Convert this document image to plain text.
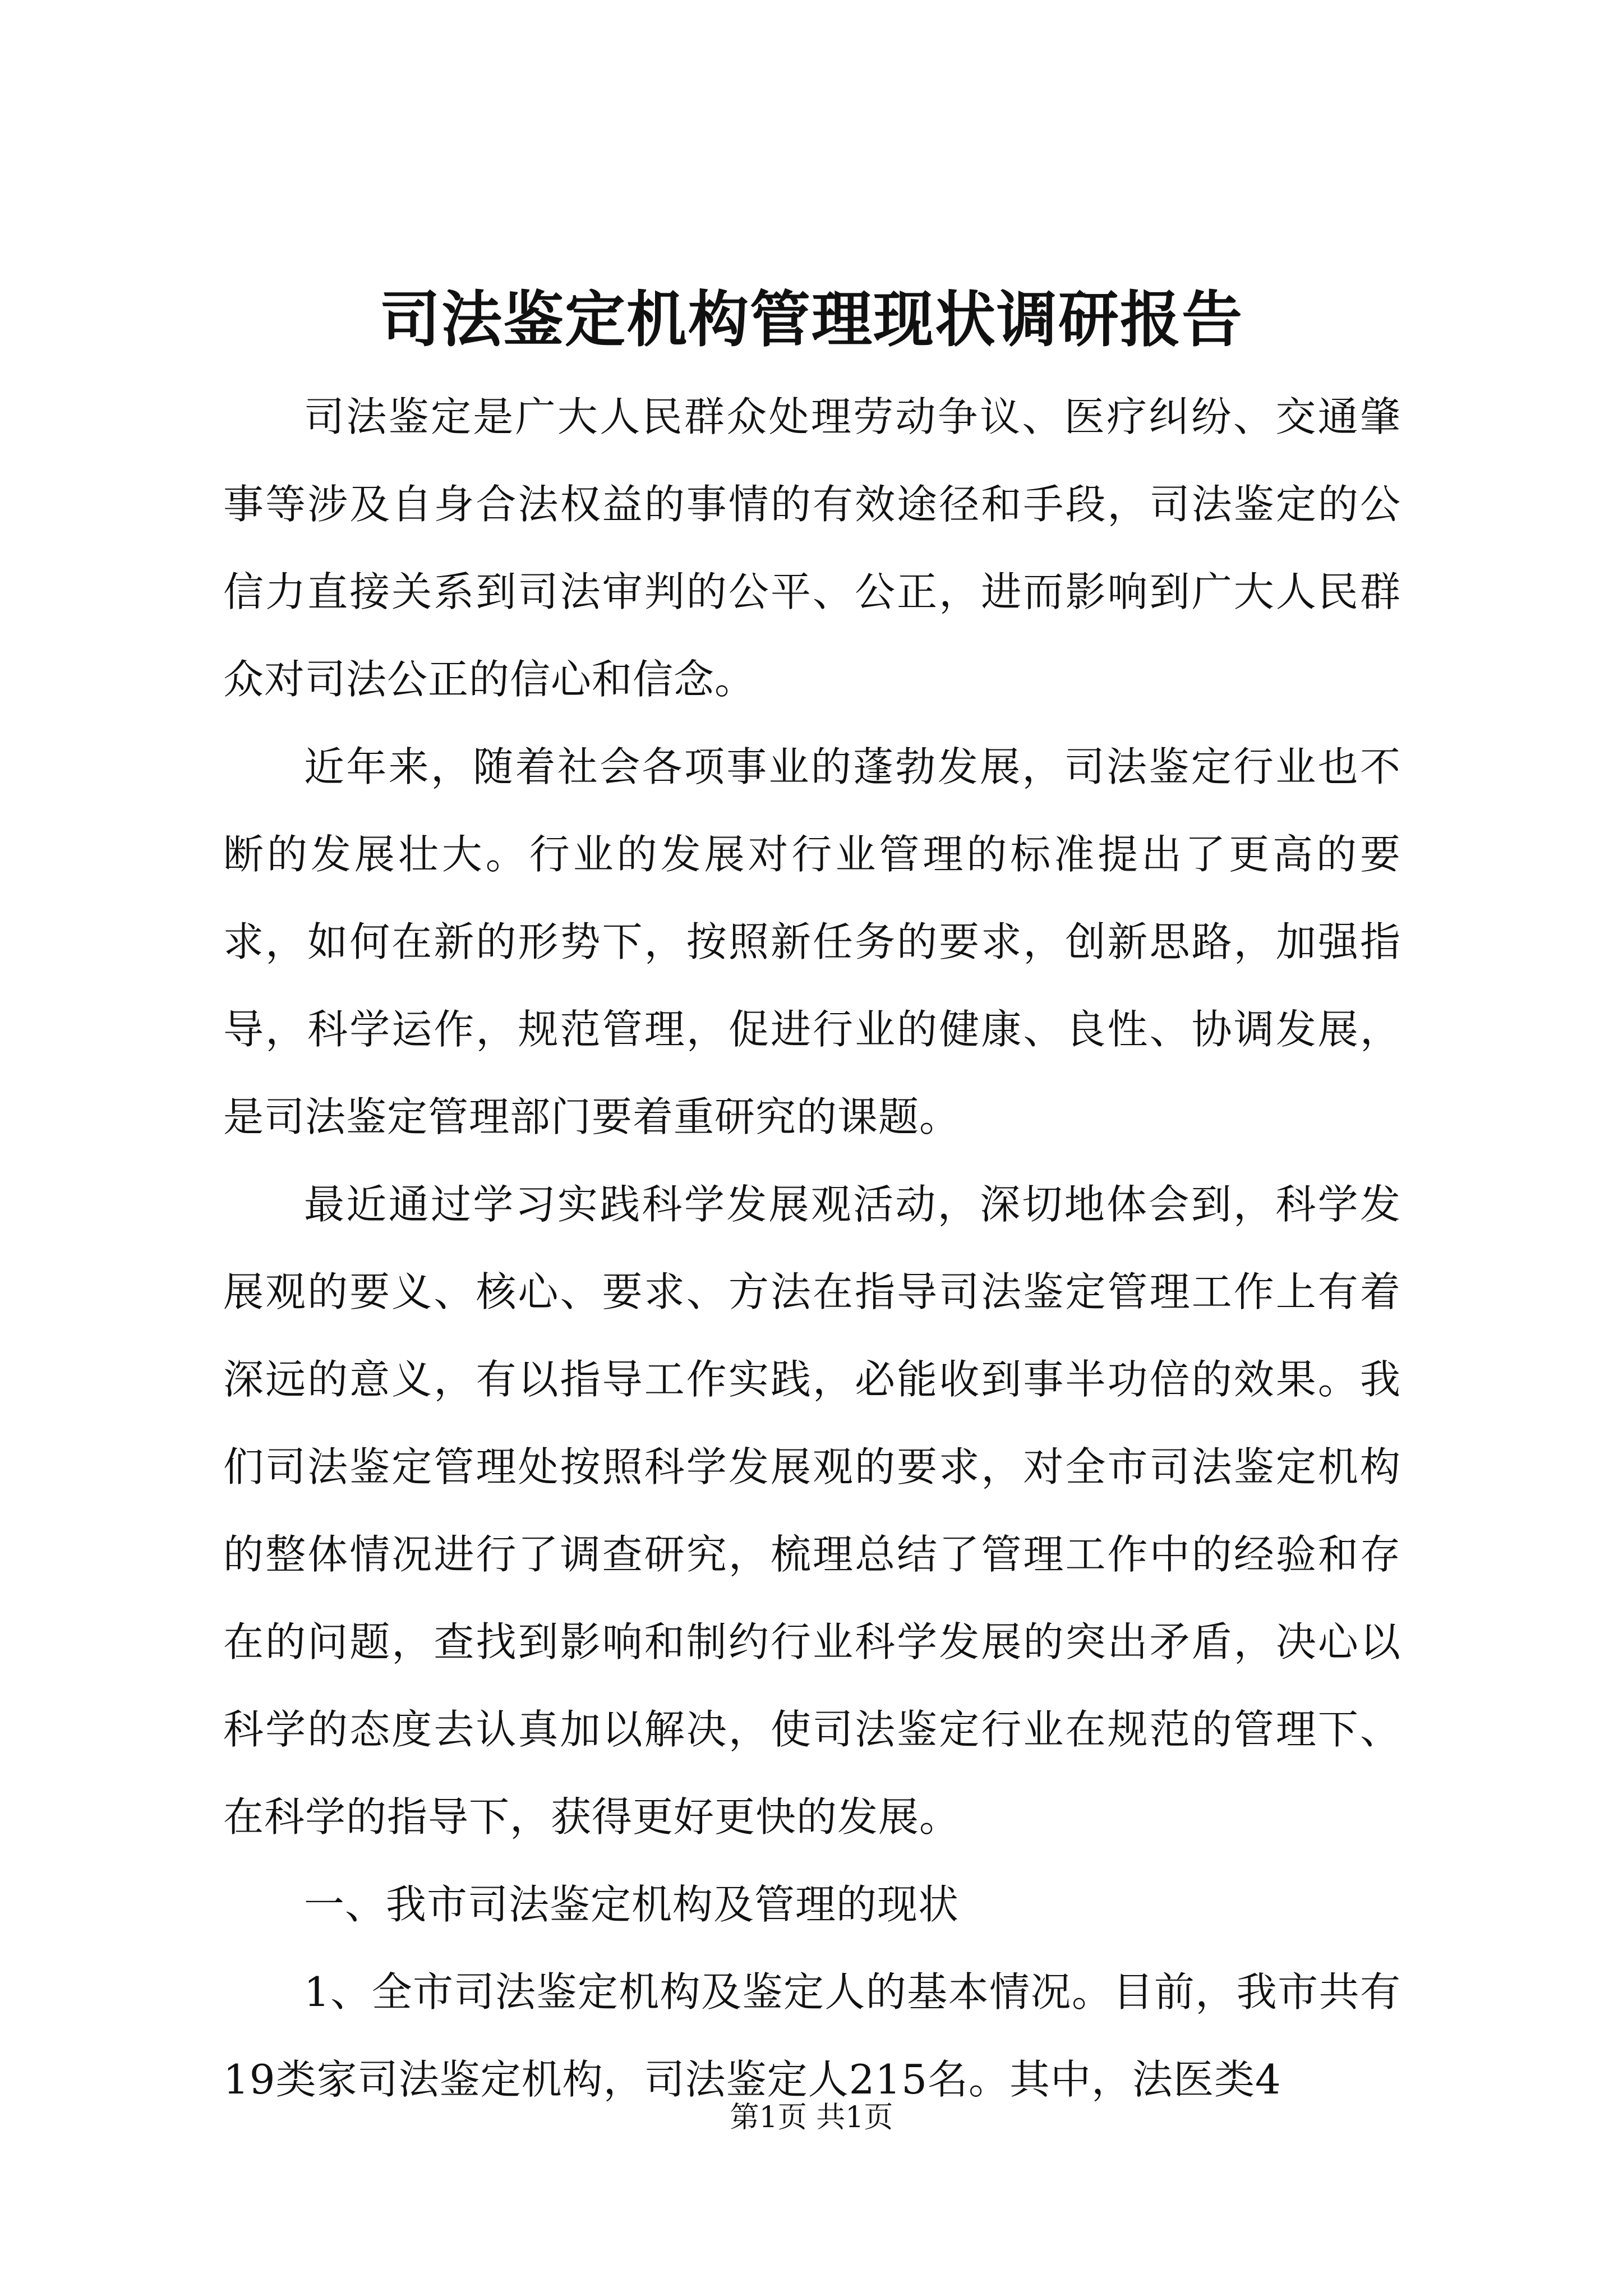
司法鉴定机构管理现状调研报告

司法鉴定是广大人民群众处理劳动争议、医疗纠纷、交通肇事等涉及自身合法权益的事情的有效途径和手段，司法鉴定的公信力直接关系到司法审判的公平、公正，进而影响到广大人民群众对司法公正的信心和信念。

近年来，随着社会各项事业的蓬勃发展，司法鉴定行业也不断的发展壮大。行业的发展对行业管理的标准提出了更高的要求，如何在新的形势下，按照新任务的要求，创新思路，加强指导，科学运作，规范管理，促进行业的健康、良性、协调发展，是司法鉴定管理部门要着重研究的课题。

最近通过学习实践科学发展观活动，深切地体会到，科学发展观的要义、核心、要求、方法在指导司法鉴定管理工作上有着深远的意义，有以指导工作实践，必能收到事半功倍的效果。我们司法鉴定管理处按照科学发展观的要求，对全市司法鉴定机构的整体情况进行了调查研究，梳理总结了管理工作中的经验和存在的问题，查找到影响和制约行业科学发展的突出矛盾，决心以科学的态度去认真加以解决，使司法鉴定行业在规范的管理下、在科学的指导下，获得更好更快的发展。

一、我市司法鉴定机构及管理的现状

1、全市司法鉴定机构及鉴定人的基本情况。目前，我市共有19类家司法鉴定机构，司法鉴定人215名。其中，法医类4

第1页 共1页
